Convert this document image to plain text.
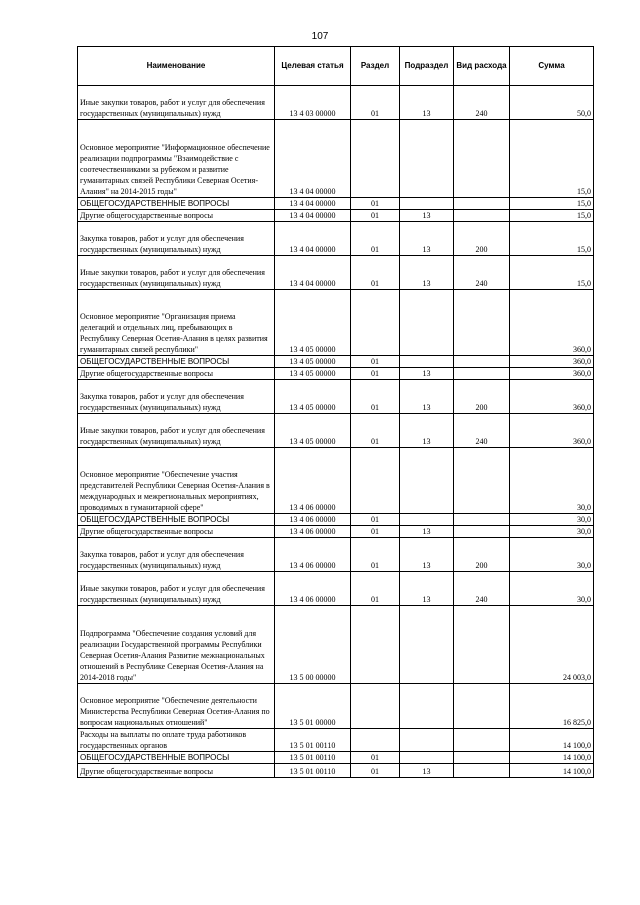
107
Наименование	Целевая статья	Раздел	Подраздел	Вид расхода	Сумма
Иные закупки товаров, работ и услуг для обеспечения государственных (муниципальных) нужд	13 4 03 00000	01	13	240	50,0
Основное мероприятие "Информационное обеспечение реализации подпрограммы "Взаимодействие с соотечественниками за рубежом и развитие гуманитарных связей Республики Северная Осетия-Алания" на 2014-2015 годы"	13 4 04 00000				15,0
ОБЩЕГОСУДАРСТВЕННЫЕ ВОПРОСЫ	13 4 04 00000	01			15,0
Другие общегосударственные вопросы	13 4 04 00000	01	13		15,0
Закупка товаров, работ и услуг для обеспечения государственных (муниципальных) нужд	13 4 04 00000	01	13	200	15,0
Иные закупки товаров, работ и услуг для обеспечения государственных (муниципальных) нужд	13 4 04 00000	01	13	240	15,0
Основное мероприятие "Организация приема делегаций и отдельных лиц, пребывающих в Республику Северная Осетия-Алания в целях развития гуманитарных связей республики"	13 4 05 00000				360,0
ОБЩЕГОСУДАРСТВЕННЫЕ ВОПРОСЫ	13 4 05 00000	01			360,0
Другие общегосударственные вопросы	13 4 05 00000	01	13		360,0
Закупка товаров, работ и услуг для обеспечения государственных (муниципальных) нужд	13 4 05 00000	01	13	200	360,0
Иные закупки товаров, работ и услуг для обеспечения государственных (муниципальных) нужд	13 4 05 00000	01	13	240	360,0
Основное мероприятие "Обеспечение участия представителей Республики Северная Осетия-Алания в международных и межрегиональных мероприятиях, проводимых в гуманитарной сфере"	13 4 06 00000				30,0
ОБЩЕГОСУДАРСТВЕННЫЕ ВОПРОСЫ	13 4 06 00000	01			30,0
Другие общегосударственные вопросы	13 4 06 00000	01	13		30,0
Закупка товаров, работ и услуг для обеспечения государственных (муниципальных) нужд	13 4 06 00000	01	13	200	30,0
Иные закупки товаров, работ и услуг для обеспечения государственных (муниципальных) нужд	13 4 06 00000	01	13	240	30,0
Подпрограмма "Обеспечение создания условий для реализации Государственной программы Республики Северная Осетия-Алания Развитие межнациональных отношений в Республике Северная Осетия-Алания на 2014-2018 годы"	13 5 00 00000				24 003,0
Основное мероприятие "Обеспечение деятельности Министерства Республики Северная Осетия-Алания по вопросам национальных отношений"	13 5 01 00000				16 825,0
Расходы на выплаты по оплате труда работников государственных органов	13 5 01 00110				14 100,0
ОБЩЕГОСУДАРСТВЕННЫЕ ВОПРОСЫ	13 5 01 00110	01			14 100,0
Другие общегосударственные вопросы	13 5 01 00110	01	13		14 100,0
